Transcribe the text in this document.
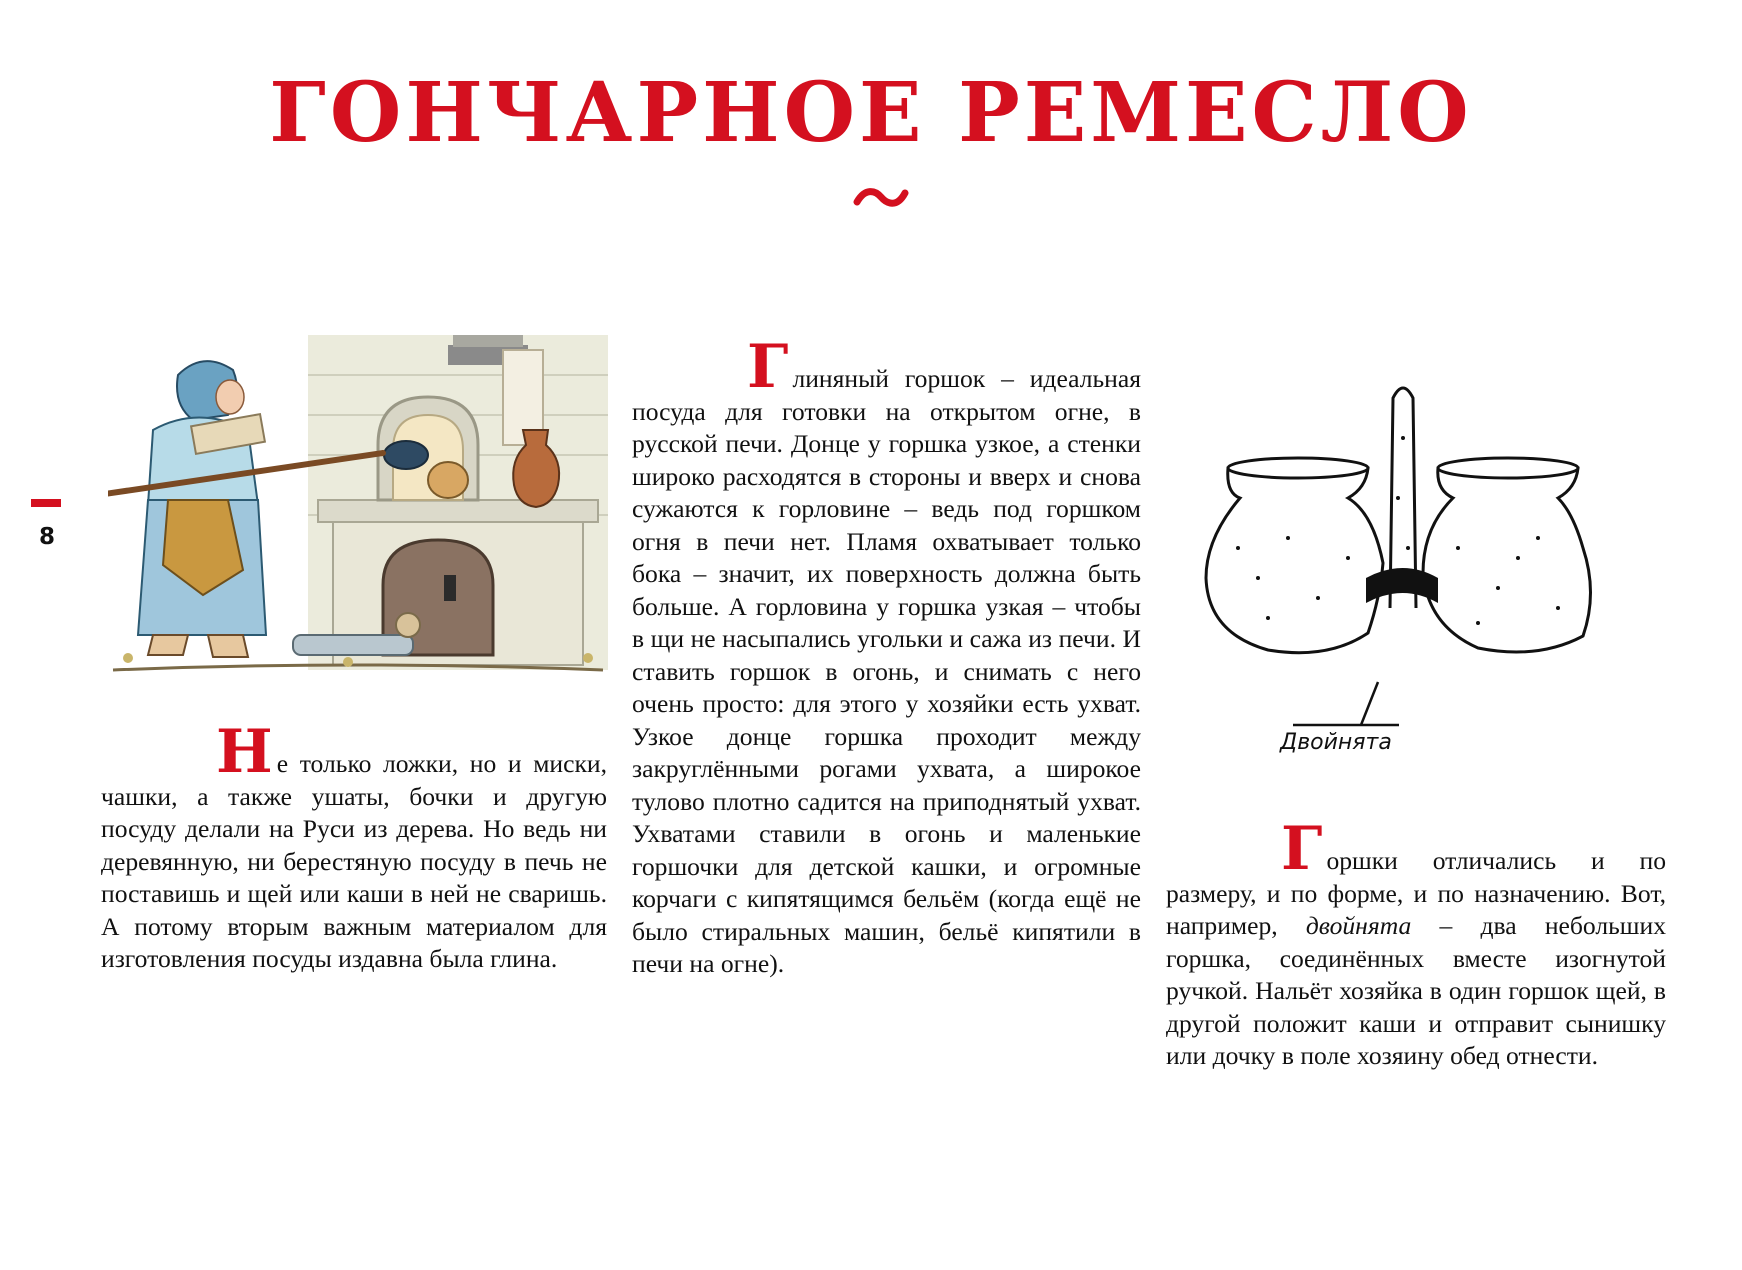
ГОНЧАРНОЕ РЕМЕСЛО
8
Двойнята

Не только ложки, но и миски, чашки, а также ушаты, бочки и другую посуду делали на Руси из дерева. Но ведь ни деревянную, ни берестяную посуду в печь не поставишь и щей или каши в ней не сваришь. А потому вторым важным материалом для изготовления посуды издавна была глина.

Глиняный горшок – идеальная посуда для готовки на открытом огне, в русской печи. Донце у горшка узкое, а стенки широко расходятся в стороны и вверх и снова сужаются к горловине – ведь под горшком огня в печи нет. Пламя охватывает только бока – значит, их поверхность должна быть больше. А горловина у горшка узкая – чтобы в щи не насыпались угольки и сажа из печи. И ставить горшок в огонь, и снимать с него очень просто: для этого у хозяйки есть ухват. Узкое донце горшка проходит между закруглёнными рогами ухвата, а широкое тулово плотно садится на приподнятый ухват. Ухватами ставили в огонь и маленькие горшочки для детской кашки, и огромные корчаги с кипятящимся бельём (когда ещё не было стиральных машин, бельё кипятили в печи на огне).

Горшки отличались и по размеру, и по форме, и по назначению. Вот, например, двойнята – два небольших горшка, соединённых вместе изогнутой ручкой. Нальёт хозяйка в один горшок щей, в другой положит каши и отправит сынишку или дочку в поле хозяину обед отнести.
